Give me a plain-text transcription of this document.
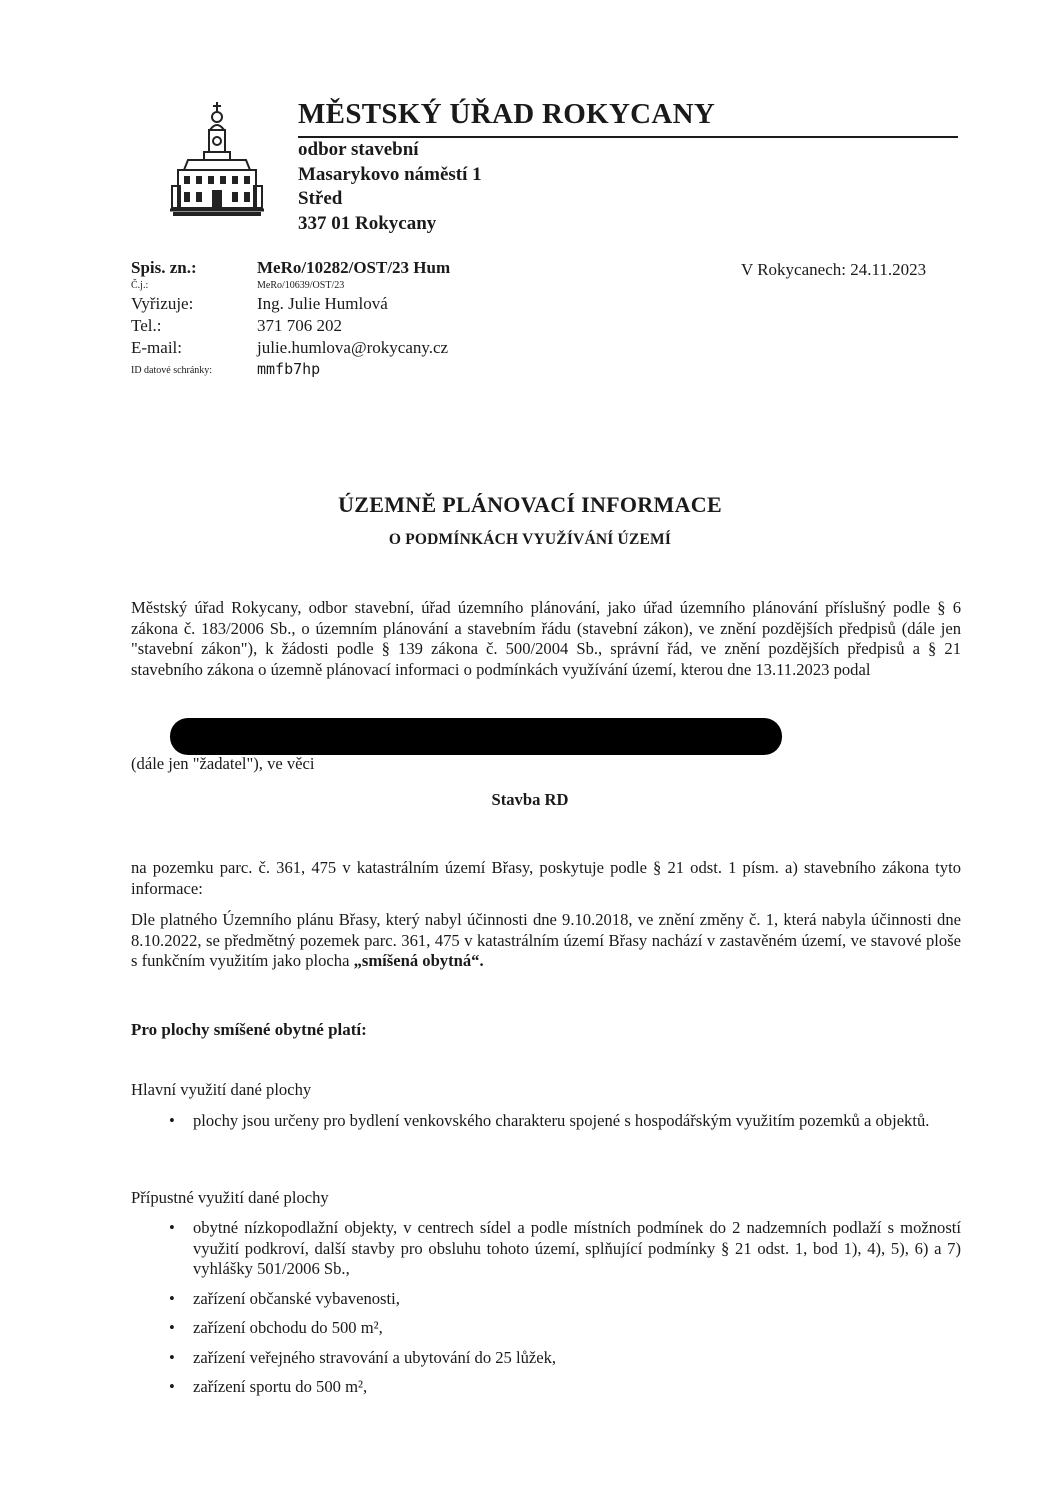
MĚSTSKÝ ÚŘAD ROKYCANY
odbor stavební
Masarykovo náměstí 1
Střed
337 01 Rokycany
Spis. zn.:	MeRo/10282/OST/23 Hum
Č.j.:	MeRo/10639/OST/23
Vyřizuje:	Ing. Julie Humlová
Tel.:	371 706 202
E-mail:	julie.humlova@rokycany.cz
ID datové schránky:	mmfb7hp
V Rokycanech: 24.11.2023
ÚZEMNĚ PLÁNOVACÍ INFORMACE
O PODMÍNKÁCH VYUŽÍVÁNÍ ÚZEMÍ
Městský úřad Rokycany, odbor stavební, úřad územního plánování, jako úřad územního plánování příslušný podle § 6 zákona č. 183/2006 Sb., o územním plánování a stavebním řádu (stavební zákon), ve znění pozdějších předpisů (dále jen "stavební zákon"), k žádosti podle § 139 zákona č. 500/2004 Sb., správní řád, ve znění pozdějších předpisů a § 21 stavebního zákona o územně plánovací informaci o podmínkách využívání území, kterou dne 13.11.2023 podal
(dále jen "žadatel"), ve věci
Stavba RD
na pozemku parc. č. 361, 475 v katastrálním území Břasy, poskytuje podle § 21 odst. 1 písm. a) stavebního zákona tyto informace:
Dle platného Územního plánu Břasy, který nabyl účinnosti dne 9.10.2018, ve znění změny č. 1, která nabyla účinnosti dne 8.10.2022, se předmětný pozemek parc. 361, 475 v katastrálním území Břasy nachází v zastavěném území, ve stavové ploše s funkčním využitím jako plocha „smíšená obytná“.
Pro plochy smíšené obytné platí:
Hlavní využití dané plochy
• plochy jsou určeny pro bydlení venkovského charakteru spojené s hospodářským využitím pozemků a objektů.
Přípustné využití dané plochy
• obytné nízkopodlažní objekty, v centrech sídel a podle místních podmínek do 2 nadzemních podlaží s možností využití podkroví, další stavby pro obsluhu tohoto území, splňující podmínky § 21 odst. 1, bod 1), 4), 5), 6) a 7) vyhlášky 501/2006 Sb.,
• zařízení občanské vybavenosti,
• zařízení obchodu do 500 m²,
• zařízení veřejného stravování a ubytování do 25 lůžek,
• zařízení sportu do 500 m²,
